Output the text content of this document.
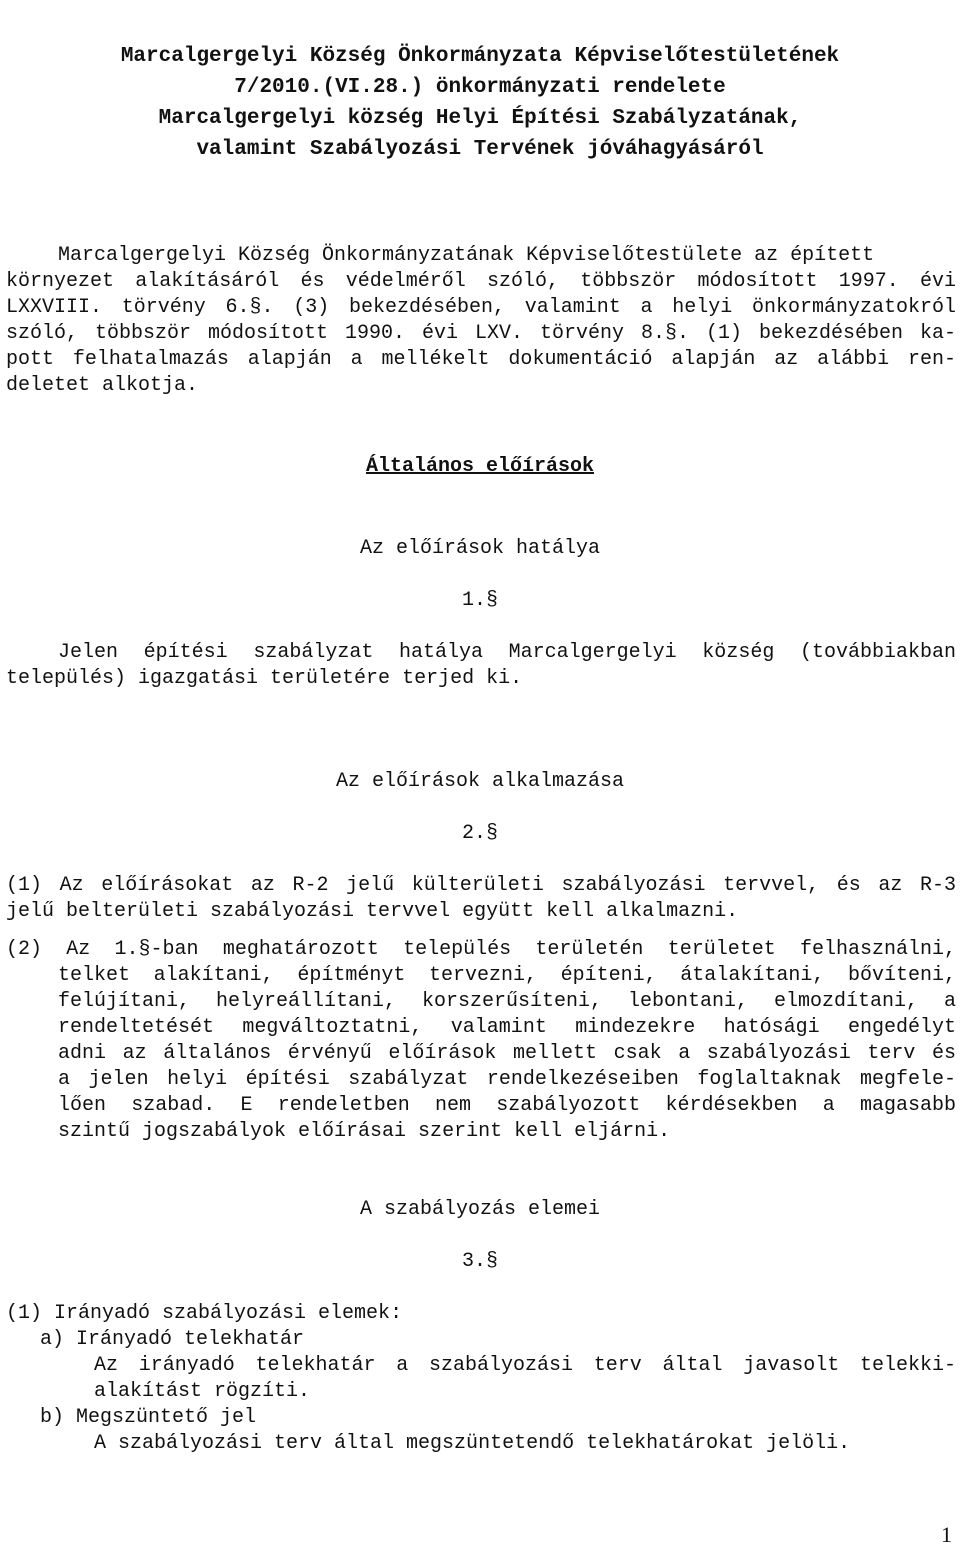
Marcalgergelyi Község Önkormányzata Képviselőtestületének
7/2010.(VI.28.) önkormányzati rendelete
Marcalgergelyi község Helyi Építési Szabályzatának,
valamint Szabályozási Tervének jóváhagyásáról
Marcalgergelyi Község Önkormányzatának Képviselőtestülete az épített
környezet alakításáról és védelméről szóló, többször módosított 1997. évi
LXXVIII. törvény 6.§. (3) bekezdésében, valamint a helyi önkormányzatokról
szóló, többször módosított 1990. évi LXV. törvény 8.§. (1) bekezdésében ka-
pott felhatalmazás alapján a mellékelt dokumentáció alapján az alábbi ren-
deletet alkotja.
Általános előírások
Az előírások hatálya
1.§
Jelen építési szabályzat hatálya Marcalgergelyi község (továbbiakban
település) igazgatási területére terjed ki.
Az előírások alkalmazása
2.§
(1) Az előírásokat az R-2 jelű külterületi szabályozási tervvel, és az R-3
jelű belterületi szabályozási tervvel együtt kell alkalmazni.
(2) Az 1.§-ban meghatározott település területén területet felhasználni,
telket alakítani, építményt tervezni, építeni, átalakítani, bővíteni,
felújítani, helyreállítani, korszerűsíteni, lebontani, elmozdítani, a
rendeltetését megváltoztatni, valamint mindezekre hatósági engedélyt
adni az általános érvényű előírások mellett csak a szabályozási terv és
a jelen helyi építési szabályzat rendelkezéseiben foglaltaknak megfele-
lően szabad. E rendeletben nem szabályozott kérdésekben a magasabb
szintű jogszabályok előírásai szerint kell eljárni.
A szabályozás elemei
3.§
(1) Irányadó szabályozási elemek:
a) Irányadó telekhatár
Az irányadó telekhatár a szabályozási terv által javasolt telekki-
alakítást rögzíti.
b) Megszüntető jel
A szabályozási terv által megszüntetendő telekhatárokat jelöli.
1
